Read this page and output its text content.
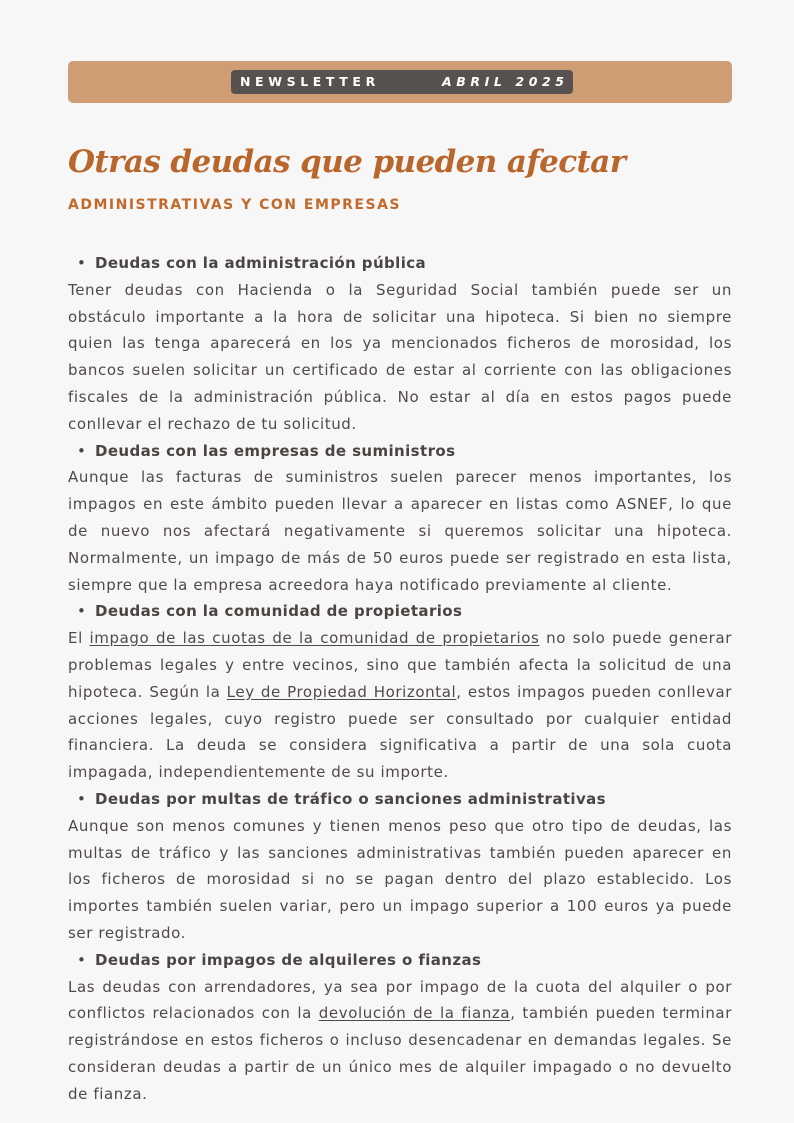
NEWSLETTER	ABRIL 2025
Otras deudas que pueden afectar
ADMINISTRATIVAS Y CON EMPRESAS
• Deudas con la administración pública

Tener deudas con Hacienda o la Seguridad Social también puede ser un obstáculo importante a la hora de solicitar una hipoteca. Si bien no siempre quien las tenga aparecerá en los ya mencionados ficheros de morosidad, los bancos suelen solicitar un certificado de estar al corriente con las obligaciones fiscales de la administración pública. No estar al día en estos pagos puede conllevar el rechazo de tu solicitud.

• Deudas con las empresas de suministros

Aunque las facturas de suministros suelen parecer menos importantes, los impagos en este ámbito pueden llevar a aparecer en listas como ASNEF, lo que de nuevo nos afectará negativamente si queremos solicitar una hipoteca. Normalmente, un impago de más de 50 euros puede ser registrado en esta lista, siempre que la empresa acreedora haya notificado previamente al cliente.

• Deudas con la comunidad de propietarios

El impago de las cuotas de la comunidad de propietarios no solo puede generar problemas legales y entre vecinos, sino que también afecta la solicitud de una hipoteca. Según la Ley de Propiedad Horizontal, estos impagos pueden conllevar acciones legales, cuyo registro puede ser consultado por cualquier entidad financiera. La deuda se considera significativa a partir de una sola cuota impagada, independientemente de su importe.

• Deudas por multas de tráfico o sanciones administrativas

Aunque son menos comunes y tienen menos peso que otro tipo de deudas, las multas de tráfico y las sanciones administrativas también pueden aparecer en los ficheros de morosidad si no se pagan dentro del plazo establecido. Los importes también suelen variar, pero un impago superior a 100 euros ya puede ser registrado.

• Deudas por impagos de alquileres o fianzas

Las deudas con arrendadores, ya sea por impago de la cuota del alquiler o por conflictos relacionados con la devolución de la fianza, también pueden terminar registrándose en estos ficheros o incluso desencadenar en demandas legales. Se consideran deudas a partir de un único mes de alquiler impagado o no devuelto de fianza.
